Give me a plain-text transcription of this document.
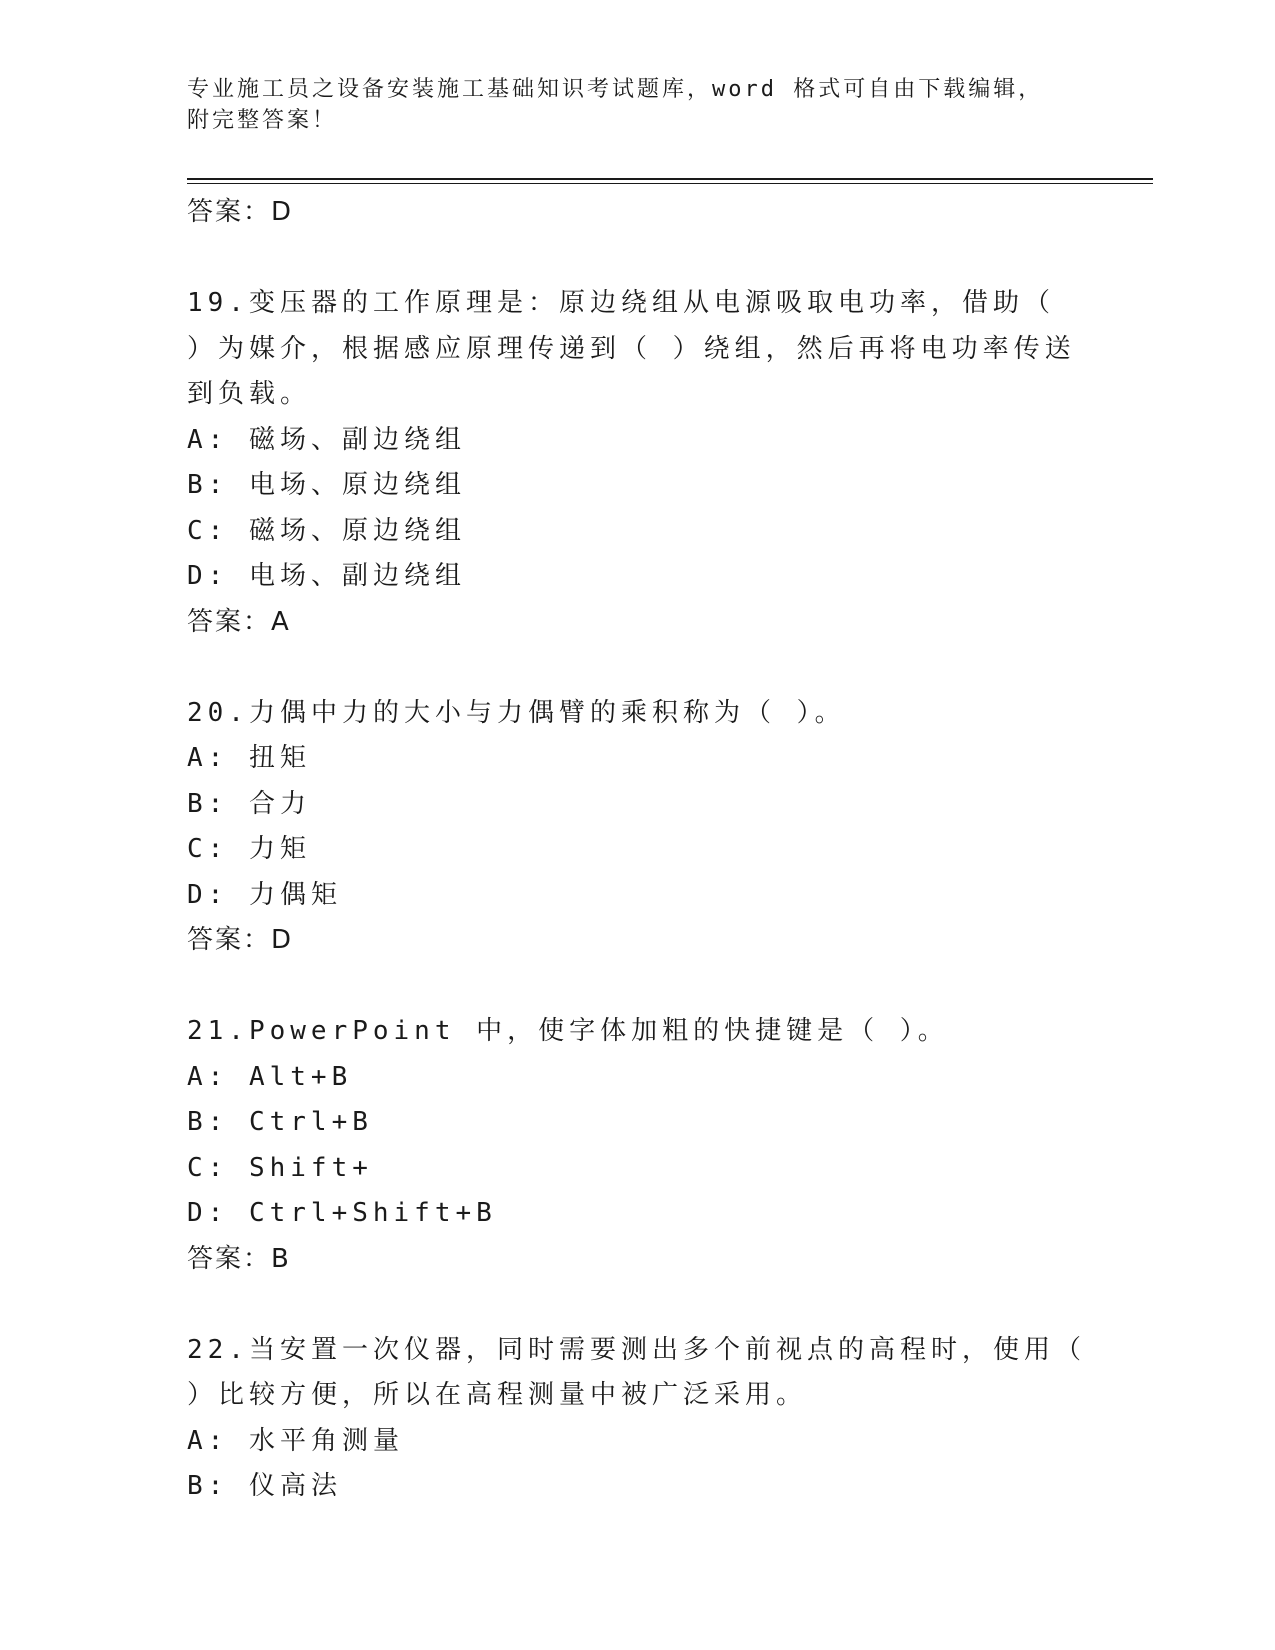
专业施工员之设备安装施工基础知识考试题库，word 格式可自由下载编辑，附完整答案！
答案：D
19.变压器的工作原理是：原边绕组从电源吸取电功率，借助（ ）为媒介，根据感应原理传递到（ ）绕组，然后再将电功率传送到负载。
A: 磁场、副边绕组
B: 电场、原边绕组
C: 磁场、原边绕组
D: 电场、副边绕组
答案：A
20.力偶中力的大小与力偶臂的乘积称为（ ）。
A: 扭矩
B: 合力
C: 力矩
D: 力偶矩
答案：D
21.PowerPoint 中，使字体加粗的快捷键是（ ）。
A: Alt+B
B: Ctrl+B
C: Shift+
D: Ctrl+Shift+B
答案：B
22.当安置一次仪器，同时需要测出多个前视点的高程时，使用（ ）比较方便，所以在高程测量中被广泛采用。
A: 水平角测量
B: 仪高法
